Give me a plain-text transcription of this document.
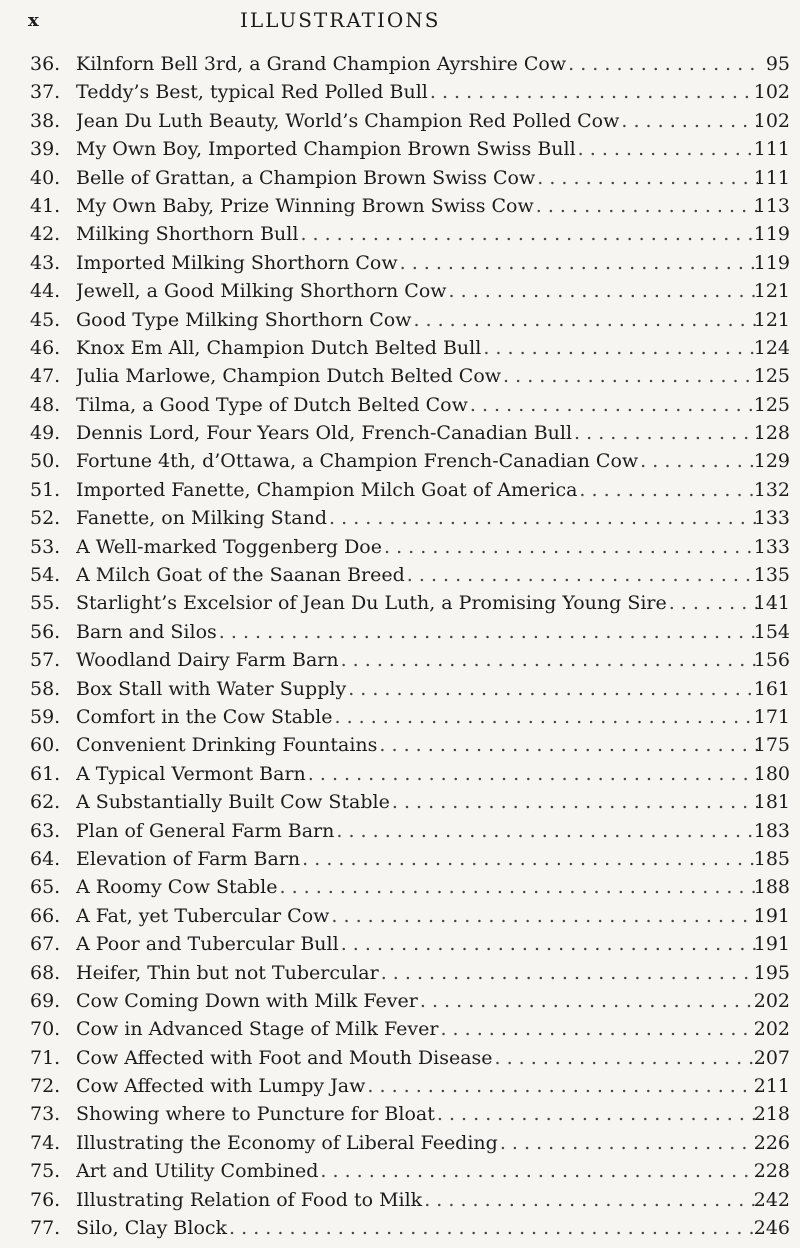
x	ILLUSTRATIONS
36. Kilnforn Bell 3rd, a Grand Champion Ayrshire Cow . . .	95
37. Teddy’s Best, typical Red Polled Bull . . .	102
38. Jean Du Luth Beauty, World’s Champion Red Polled Cow . . .	102
39. My Own Boy, Imported Champion Brown Swiss Bull . . .	111
40. Belle of Grattan, a Champion Brown Swiss Cow . . .	111
41. My Own Baby, Prize Winning Brown Swiss Cow . . .	113
42. Milking Shorthorn Bull . . .	119
43. Imported Milking Shorthorn Cow . . .	119
44. Jewell, a Good Milking Shorthorn Cow . . .	121
45. Good Type Milking Shorthorn Cow . . .	121
46. Knox Em All, Champion Dutch Belted Bull . . .	124
47. Julia Marlowe, Champion Dutch Belted Cow . . .	125
48. Tilma, a Good Type of Dutch Belted Cow . . .	125
49. Dennis Lord, Four Years Old, French-Canadian Bull . . .	128
50. Fortune 4th, d’Ottawa, a Champion French-Canadian Cow . . .	129
51. Imported Fanette, Champion Milch Goat of America . . .	132
52. Fanette, on Milking Stand . . .	133
53. A Well-marked Toggenberg Doe . . .	133
54. A Milch Goat of the Saanan Breed . . .	135
55. Starlight’s Excelsior of Jean Du Luth, a Promising Young Sire . . .	141
56. Barn and Silos . . .	154
57. Woodland Dairy Farm Barn . . .	156
58. Box Stall with Water Supply . . .	161
59. Comfort in the Cow Stable . . .	171
60. Convenient Drinking Fountains . . .	175
61. A Typical Vermont Barn . . .	180
62. A Substantially Built Cow Stable . . .	181
63. Plan of General Farm Barn . . .	183
64. Elevation of Farm Barn . . .	185
65. A Roomy Cow Stable . . .	188
66. A Fat, yet Tubercular Cow . . .	191
67. A Poor and Tubercular Bull . . .	191
68. Heifer, Thin but not Tubercular . . .	195
69. Cow Coming Down with Milk Fever . . .	202
70. Cow in Advanced Stage of Milk Fever . . .	202
71. Cow Affected with Foot and Mouth Disease . . .	207
72. Cow Affected with Lumpy Jaw . . .	211
73. Showing where to Puncture for Bloat . . .	218
74. Illustrating the Economy of Liberal Feeding . . .	226
75. Art and Utility Combined . . .	228
76. Illustrating Relation of Food to Milk . . .	242
77. Silo, Clay Block . . .	246
